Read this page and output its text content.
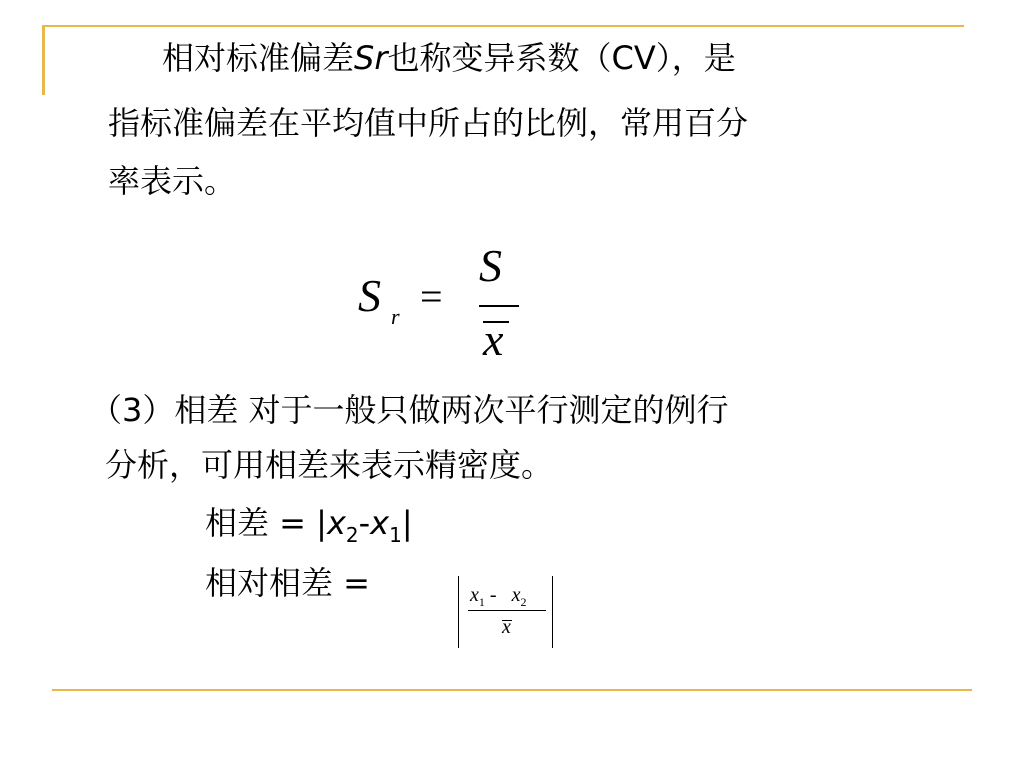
相对标准偏差Sr也称变异系数（CV），是
指标准偏差在平均值中所占的比例，常用百分
率表示。
S r =
S
x
（3）相差 对于一般只做两次平行测定的例行
分析，可用相差来表示精密度。
相差 = $|x_2-x_1|$
相对相差 =	$x_1 - x_2$
x
